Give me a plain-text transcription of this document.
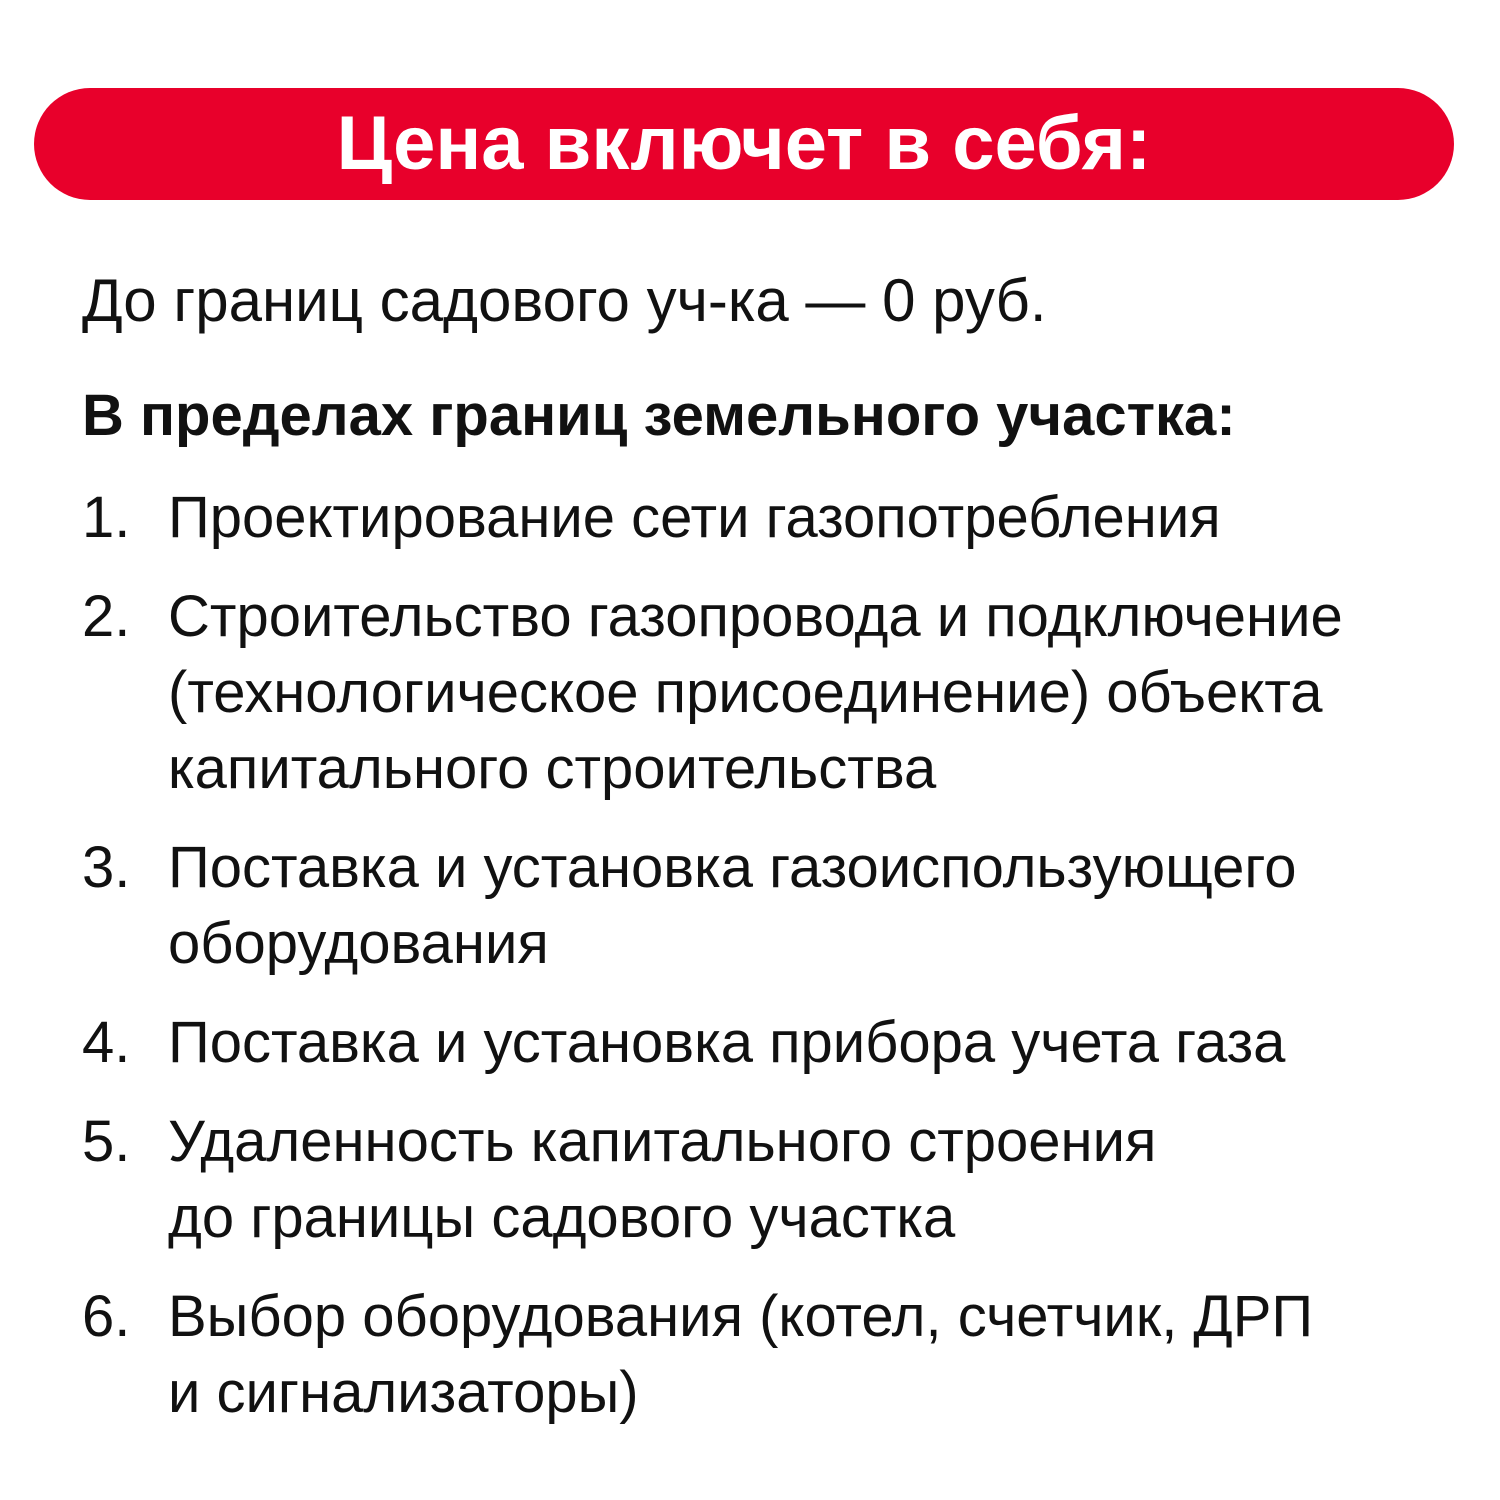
Цена включет в себя:
До границ садового уч-ка — 0 руб.
В пределах границ земельного участка:
1. Проектирование сети газопотребления
2. Строительство газопровода и подключение
(технологическое присоединение) объекта
капитального строительства
3. Поставка и установка газоиспользующего
оборудования
4. Поставка и установка прибора учета газа
5. Удаленность капитального строения
до границы садового участка
6. Выбор оборудования (котел, счетчик, ДРП
и сигнализаторы)
